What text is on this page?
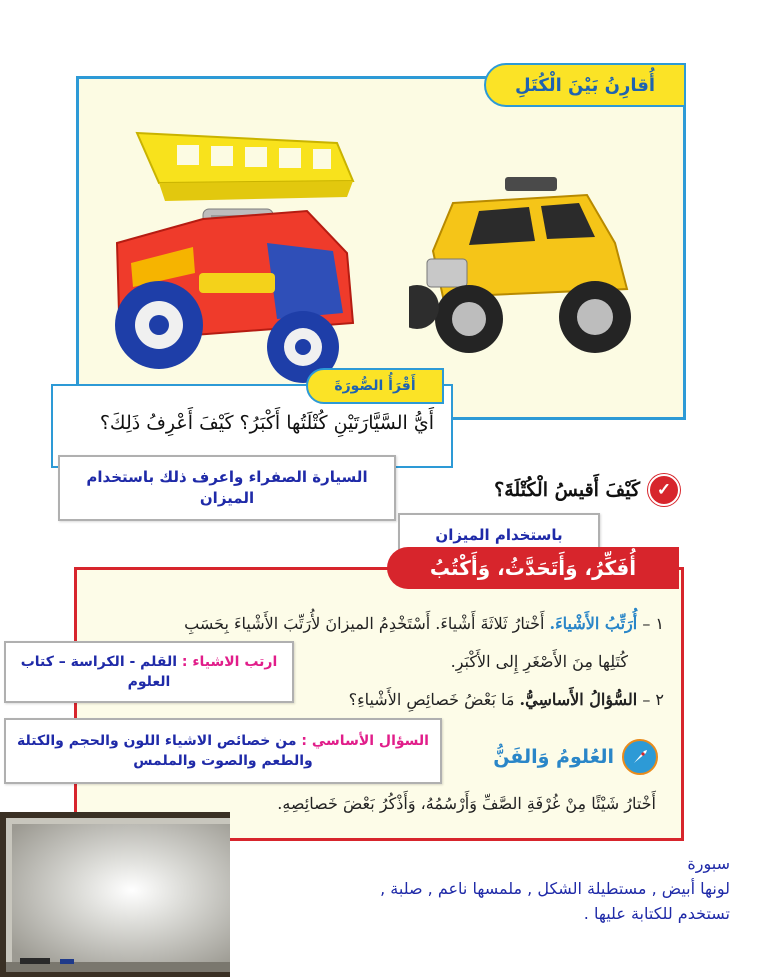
أُقارِنُ بَيْنَ الْكُتَلِ
أَقْرَأُ الصُّورَةَ
أَيُّ السَّيَّارَتَيْنِ كُتْلَتُها أَكْبَرُ؟ كَيْفَ أَعْرِفُ ذَلِكَ؟
السيارة الصفراء واعرف ذلك باستخدام الميزان	✓
كَيْفَ أَقيسُ الْكُتْلَةَ؟
باستخدام الميزان
أُفَكِّرُ، وَأَتَحَدَّثُ، وَأَكْتُبُ
١ – أُرَتِّبُ الأَشْياءَ. أَخْتارُ ثَلاثَةَ أَشْياءَ. أَسْتَخْدِمُ الميزانَ لأُرَتِّبَ الأَشْياءَ بِحَسَبِ
كُتَلِها مِنَ الأَصْغَرِ إِلى الأَكْبَرِ.
٢ – السُّؤالُ الأَساسِيُّ. مَا بَعْضُ خَصائِصِ الأَشْياءِ؟
العُلومُ وَالفَنُّ
أَخْتارُ شَيْئًا مِنْ غُرْفَةِ الصَّفِّ وَأَرْسُمُهُ، وَأَذْكُرُ بَعْضَ خَصائِصِهِ.
ارتب الاشياء : القلم - الكراسة – كتاب العلوم
السؤال الأساسي : من خصائص الاشياء اللون والحجم والكتلة والطعم والصوت والملمس
سبورة
لونها أبيض , مستطيلة الشكل , ملمسها ناعم , صلبة ,
تستخدم للكتابة عليها .
